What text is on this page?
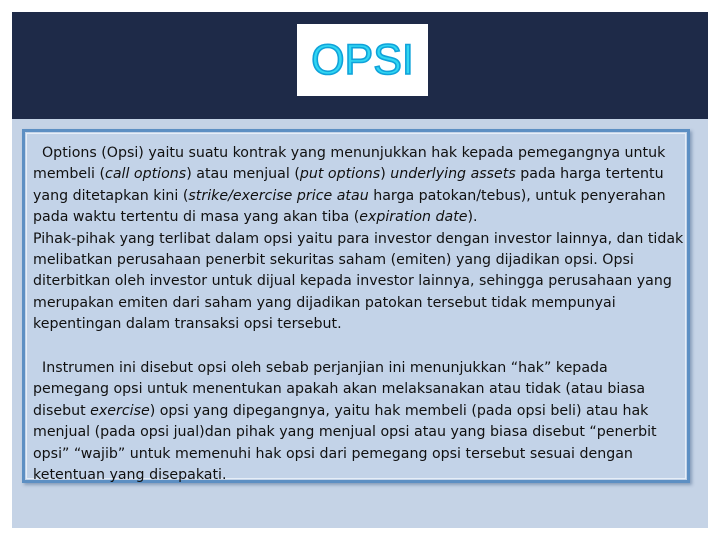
OPSI

Options (Opsi) yaitu suatu kontrak yang menunjukkan hak kepada pemegangnya untuk
membeli (call options) atau menjual (put options) underlying assets pada harga tertentu
yang ditetapkan kini (strike/exercise price atau harga patokan/tebus), untuk penyerahan
pada waktu tertentu di masa yang akan tiba (expiration date).
Pihak-pihak yang terlibat dalam opsi yaitu para investor dengan investor lainnya, dan tidak
melibatkan perusahaan penerbit sekuritas saham (emiten) yang dijadikan opsi. Opsi
diterbitkan oleh investor untuk dijual kepada investor lainnya, sehingga perusahaan yang
merupakan emiten dari saham yang dijadikan patokan tersebut tidak mempunyai
kepentingan dalam transaksi opsi tersebut.

Instrumen ini disebut opsi oleh sebab perjanjian ini menunjukkan “hak” kepada
pemegang opsi untuk menentukan apakah akan melaksanakan atau tidak (atau biasa
disebut exercise) opsi yang dipegangnya, yaitu hak membeli (pada opsi beli) atau hak
menjual (pada opsi jual)dan pihak yang menjual opsi atau yang biasa disebut “penerbit
opsi” “wajib” untuk memenuhi hak opsi dari pemegang opsi tersebut sesuai dengan
ketentuan yang disepakati.
